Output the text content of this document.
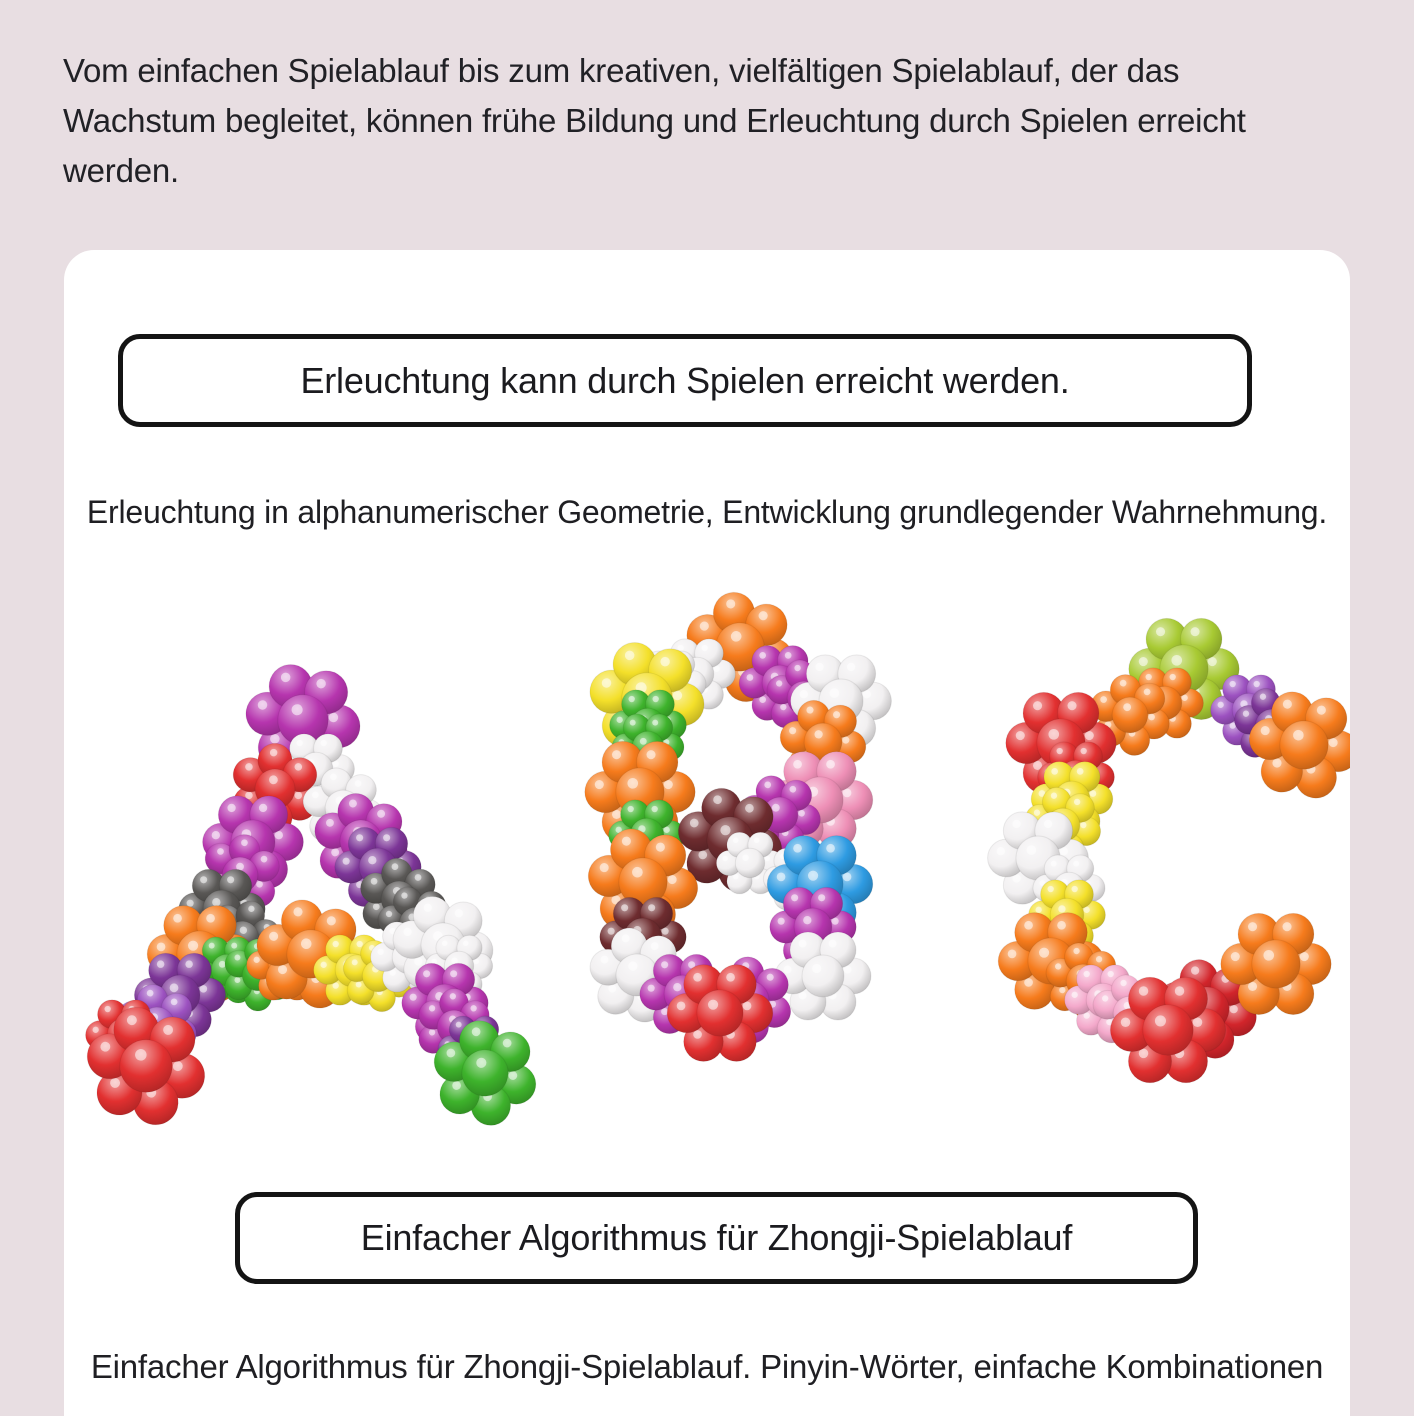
Vom einfachen Spielablauf bis zum kreativen, vielfältigen Spielablauf, der das
Wachstum begleitet, können frühe Bildung und Erleuchtung durch Spielen erreicht
werden.

Erleuchtung kann durch Spielen erreicht werden.

Erleuchtung in alphanumerischer Geometrie, Entwicklung grundlegender Wahrnehmung.

Einfacher Algorithmus für Zhongji-Spielablauf

Einfacher Algorithmus für Zhongji-Spielablauf. Pinyin-Wörter, einfache Kombinationen
